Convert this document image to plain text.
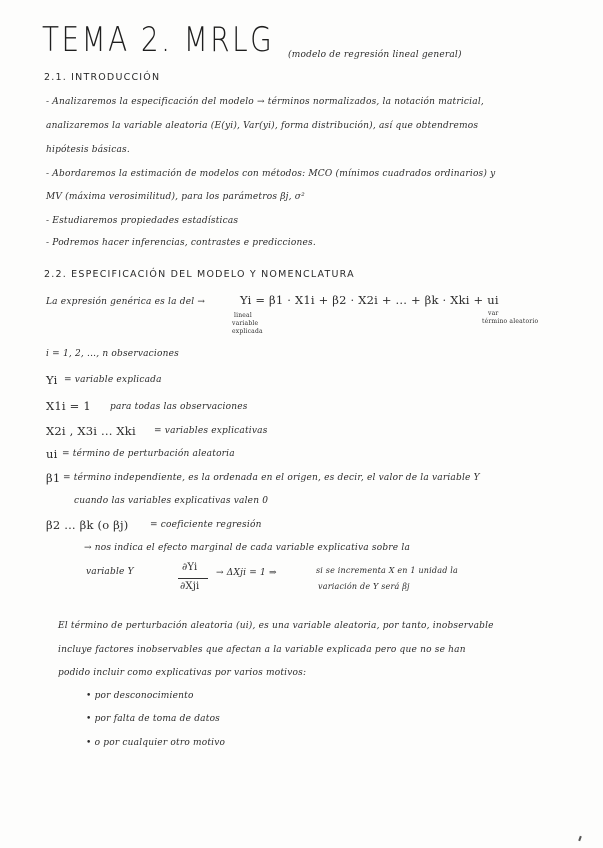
TEMA 2. MRLG (modelo de regresión lineal general)
2.1. INTRODUCCIÓN
- Analizaremos la especificación del modelo → términos normalizados, la notación matricial,
analizaremos la variable aleatoria (E(yi), Var(yi), forma distribución), así que obtendremos
hipótesis básicas.
- Abordaremos la estimación de modelos con métodos: MCO (mínimos cuadrados ordinarios) y
MV (máxima verosimilitud), para los parámetros βj, σ²
- Estudiaremos propiedades estadísticas
- Podremos hacer inferencias, contrastes e predicciones.
2.2. ESPECIFICACIÓN DEL MODELO Y NOMENCLATURA
La expresión genérica es la del →	Yi = β1 · X1i + β2 · X2i + ... + βk · Xki + ui
lineal
variable
explicada
var
término aleatorio
i = 1, 2, ..., n observaciones
Yi = variable explicada
X1i = 1 para todas las observaciones
X2i , X3i ... Xki = variables explicativas
ui = término de perturbación aleatoria
β1 = término independiente, es la ordenada en el origen, es decir, el valor de la variable Y
cuando las variables explicativas valen 0
β2 ... βk (o βj) = coeficiente regresión
→ nos indica el efecto marginal de cada variable explicativa sobre la
variable Y	∂Yi
∂Xji
→ ΔXji = 1 ⇒	si se incrementa X en 1 unidad la
variación de Y será βj
El término de perturbación aleatoria (ui), es una variable aleatoria, por tanto, inobservable
incluye factores inobservables que afectan a la variable explicada pero que no se han
podido incluir como explicativas por varios motivos:
• por desconocimiento
• por falta de toma de datos
• o por cualquier otro motivo
